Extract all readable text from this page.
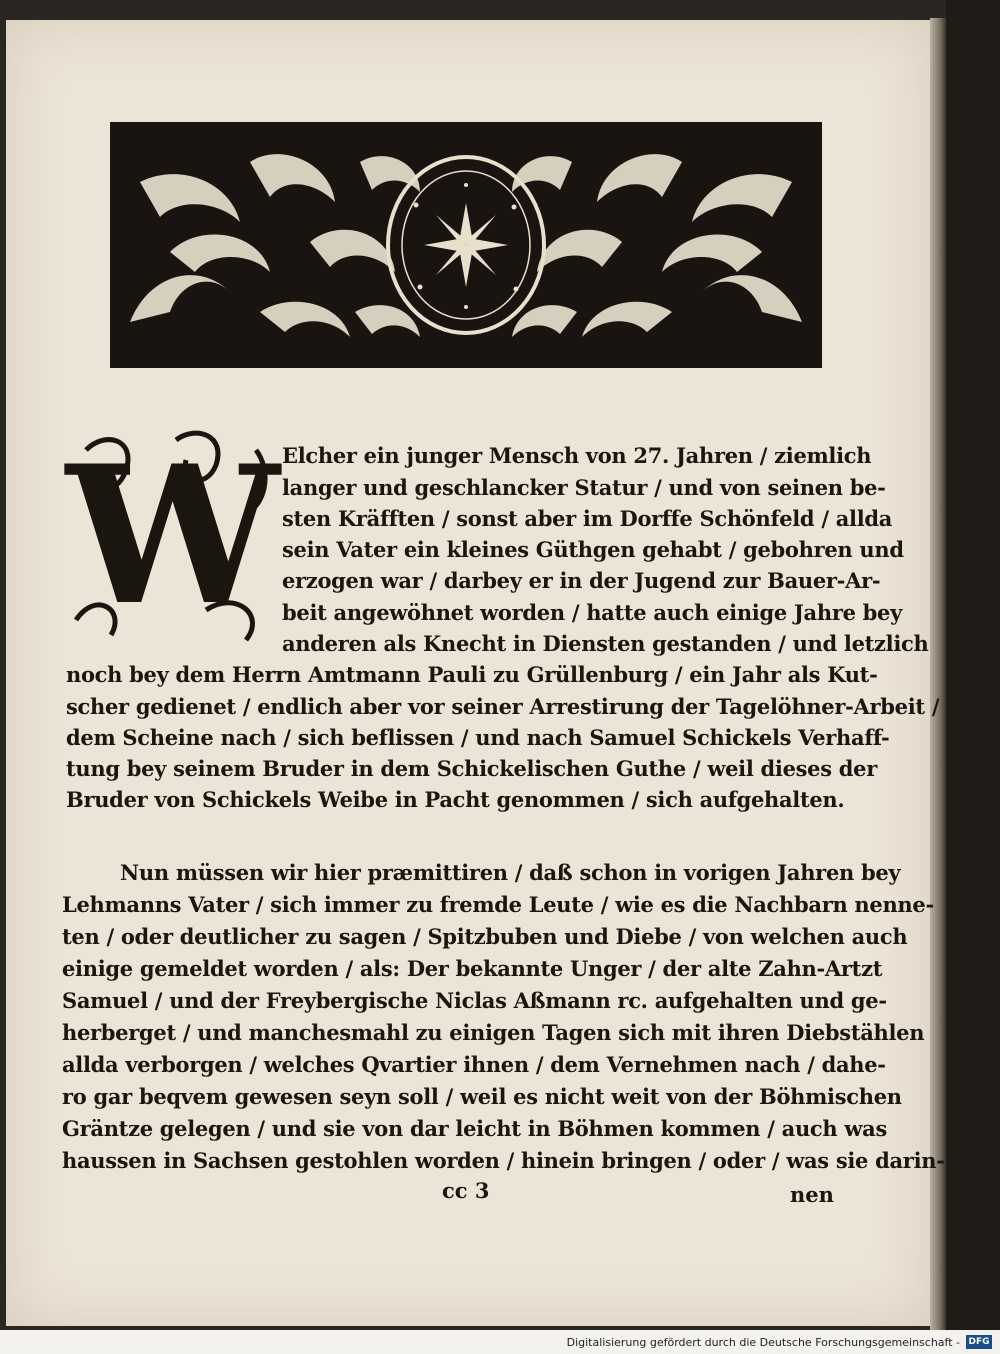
W Elcher ein junger Mensch von 27. Jahren / ziemlich
langer und geschlancker Statur / und von seinen be-
sten Kräfften / sonst aber im Dorffe Schönfeld / allda
sein Vater ein kleines Güthgen gehabt / gebohren und
erzogen war / darbey er in der Jugend zur Bauer-Ar-
beit angewöhnet worden / hatte auch einige Jahre bey
anderen als Knecht in Diensten gestanden / und letzlich
noch bey dem Herrn Amtmann Pauli zu Grüllenburg / ein Jahr als Kut-
scher gedienet / endlich aber vor seiner Arrestirung der Tagelöhner-Arbeit /
dem Scheine nach / sich beflissen / und nach Samuel Schickels Verhaff-
tung bey seinem Bruder in dem Schickelischen Guthe / weil dieses der
Bruder von Schickels Weibe in Pacht genommen / sich aufgehalten.
Nun müssen wir hier præmittiren / daß schon in vorigen Jahren bey
Lehmanns Vater / sich immer zu fremde Leute / wie es die Nachbarn nenne-
ten / oder deutlicher zu sagen / Spitzbuben und Diebe / von welchen auch
einige gemeldet worden / als: Der bekannte Unger / der alte Zahn-Artzt
Samuel / und der Freybergische Niclas Aßmann rc. aufgehalten und ge-
herberget / und manchesmahl zu einigen Tagen sich mit ihren Diebstählen
allda verborgen / welches Qvartier ihnen / dem Vernehmen nach / dahe-
ro gar beqvem gewesen seyn soll / weil es nicht weit von der Böhmischen
Gräntze gelegen / und sie von dar leicht in Böhmen kommen / auch was
haussen in Sachsen gestohlen worden / hinein bringen / oder / was sie darin-
cc 3	nen
Digitalisierung gefördert durch die Deutsche Forschungsgemeinschaft - DFG
